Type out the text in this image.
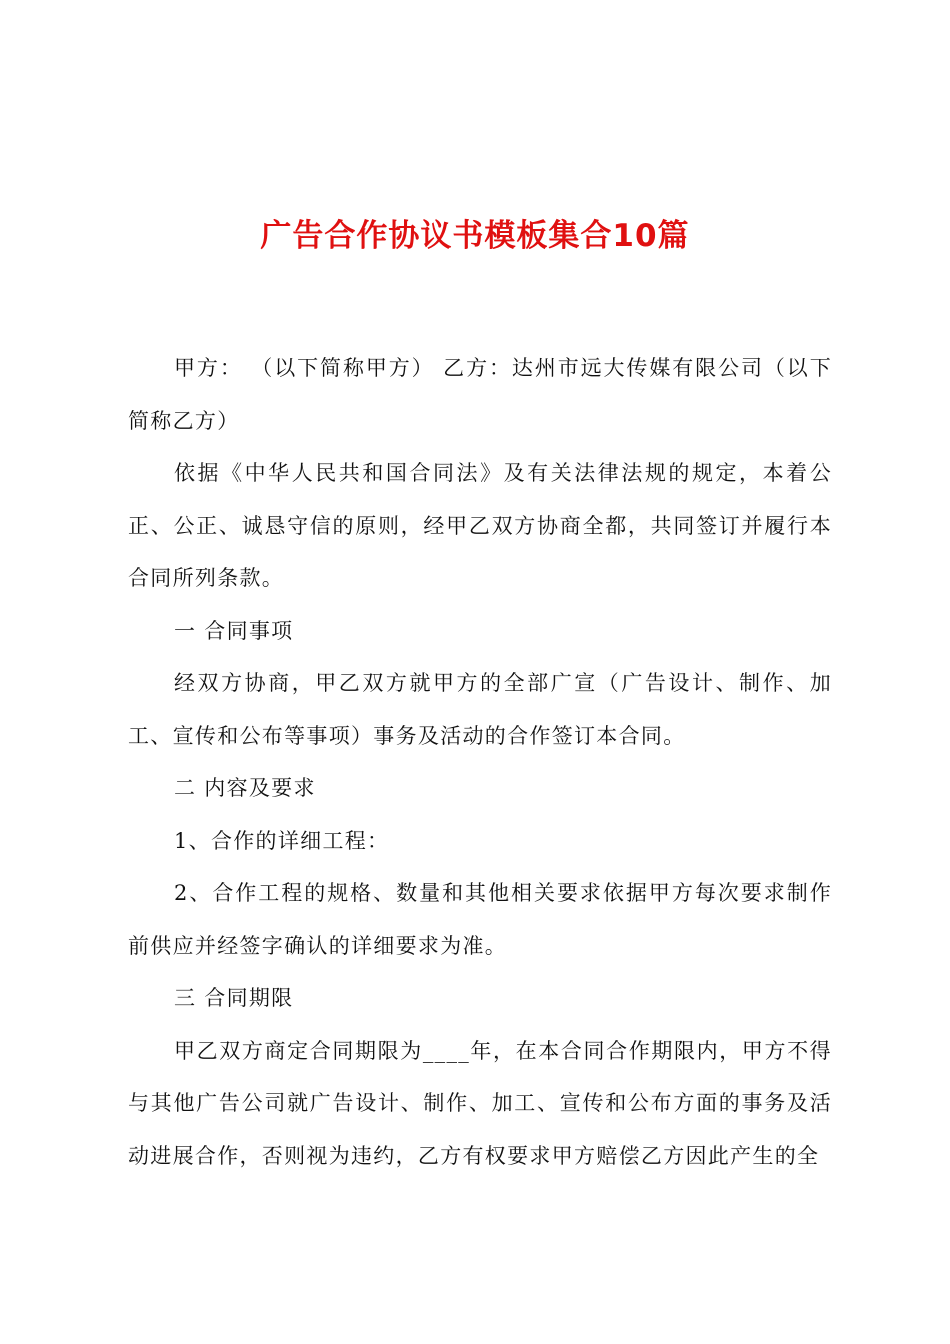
广告合作协议书模板集合10篇

甲方： （以下简称甲方） 乙方：达州市远大传媒有限公司（以下简称乙方）

依据《中华人民共和国合同法》及有关法律法规的规定，本着公正、公正、诚恳守信的原则，经甲乙双方协商全都，共同签订并履行本合同所列条款。

一 合同事项

经双方协商，甲乙双方就甲方的全部广宣（广告设计、制作、加工、宣传和公布等事项）事务及活动的合作签订本合同。

二 内容及要求

1、合作的详细工程：

2、合作工程的规格、数量和其他相关要求依据甲方每次要求制作前供应并经签字确认的详细要求为准。

三 合同期限

甲乙双方商定合同期限为____年，在本合同合作期限内，甲方不得与其他广告公司就广告设计、制作、加工、宣传和公布方面的事务及活动进展合作，否则视为违约，乙方有权要求甲方赔偿乙方因此产生的全
